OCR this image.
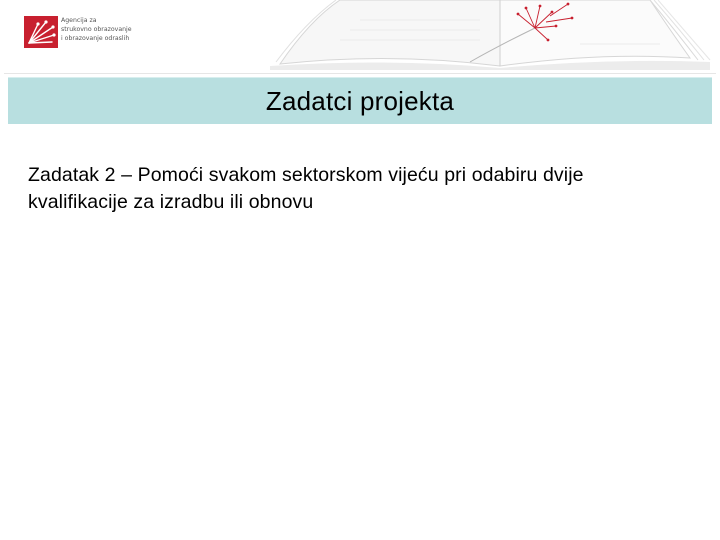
Agencija za
strukovno obrazovanje
i obrazovanje odraslih
Zadatci projekta
Zadatak 2 – Pomoći svakom sektorskom vijeću pri odabiru dvije
kvalifikacije za izradbu ili obnovu
